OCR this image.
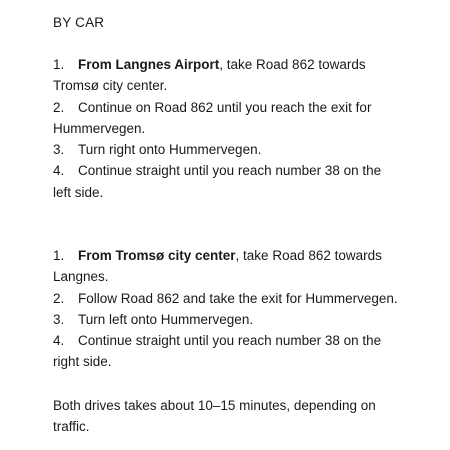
BY CAR
1. From Langnes Airport, take Road 862 towards Tromsø city center.
2. Continue on Road 862 until you reach the exit for Hummervegen.
3. Turn right onto Hummervegen.
4. Continue straight until you reach number 38 on the left side.
1. From Tromsø city center, take Road 862 towards Langnes.
2. Follow Road 862 and take the exit for Hummervegen.
3. Turn left onto Hummervegen.
4. Continue straight until you reach number 38 on the right side.

Both drives takes about 10–15 minutes, depending on traffic.
